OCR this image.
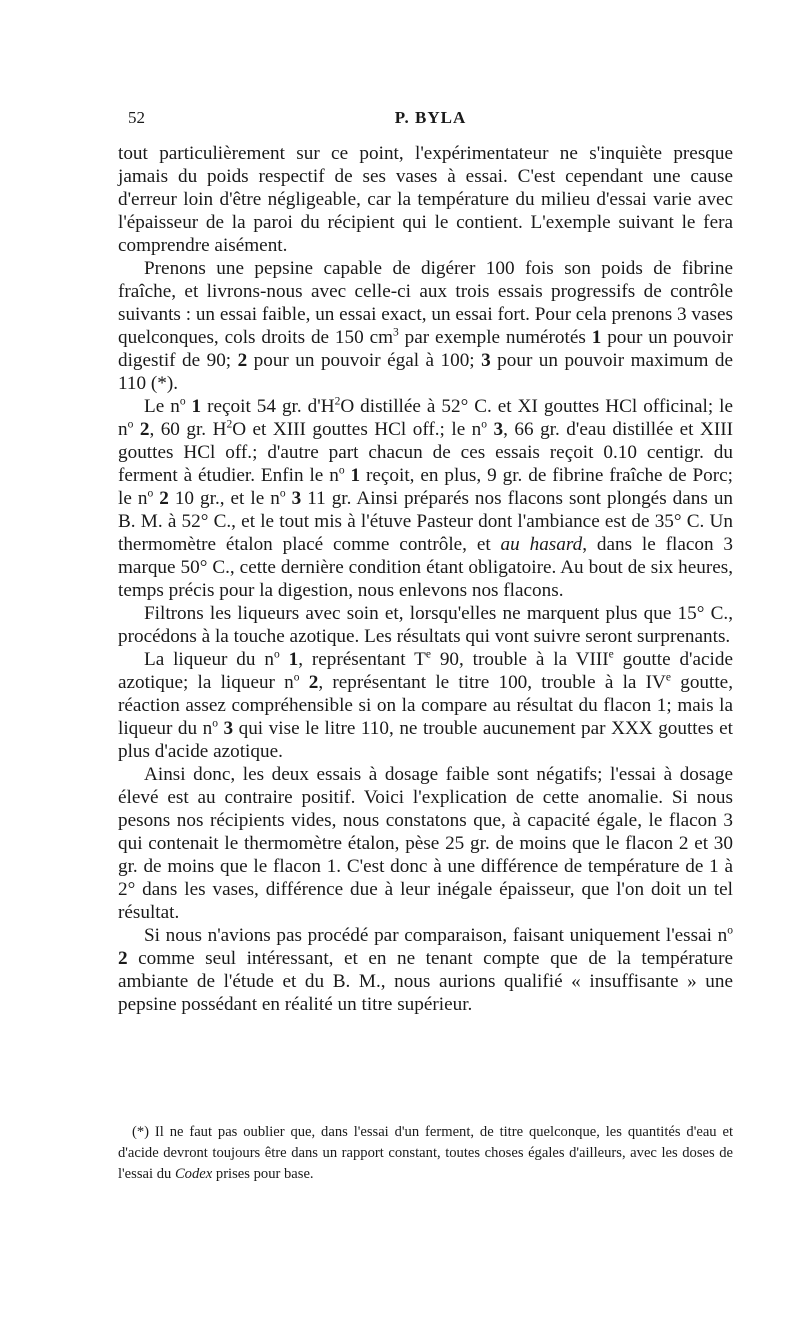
52	P. BYLA

tout particulièrement sur ce point, l'expérimentateur ne s'inquiète presque jamais du poids respectif de ses vases à essai. C'est cependant une cause d'erreur loin d'être négligeable, car la température du milieu d'essai varie avec l'épaisseur de la paroi du récipient qui le contient. L'exemple suivant le fera comprendre aisément.

Prenons une pepsine capable de digérer 100 fois son poids de fibrine fraîche, et livrons-nous avec celle-ci aux trois essais progressifs de contrôle suivants : un essai faible, un essai exact, un essai fort. Pour cela prenons 3 vases quelconques, cols droits de 150 $cm^3$ par exemple numérotés 1 pour un pouvoir digestif de 90; 2 pour un pouvoir égal à 100; 3 pour un pouvoir maximum de 110 (*).

Le $n^o$ 1 reçoit 54 gr. $d'H^2O$ distillée à 52° C. et XI gouttes HCl officinal; le $n^o$ 2, 60 gr. $H^2O$ et XIII gouttes HCl off.; le $n^o$ 3, 66 gr. d'eau distillée et XIII gouttes HCl off.; d'autre part chacun de ces essais reçoit 0.10 centigr. du ferment à étudier. Enfin le $n^o$ 1 reçoit, en plus, 9 gr. de fibrine fraîche de Porc; le $n^o$ 2 10 gr., et le $n^o$ 3 11 gr. Ainsi préparés nos flacons sont plongés dans un B. M. à 52° C., et le tout mis à l'étuve Pasteur dont l'ambiance est de 35° C. Un thermomètre étalon placé comme contrôle, et au hasard, dans le flacon 3 marque 50° C., cette dernière condition étant obligatoire. Au bout de six heures, temps précis pour la digestion, nous enlevons nos flacons.

Filtrons les liqueurs avec soin et, lorsqu'elles ne marquent plus que 15° C., procédons à la touche azotique. Les résultats qui vont suivre seront surprenants.

La liqueur du $n^o$ 1, représentant $T^e$ 90, trouble à la VIIIe goutte d'acide azotique; la liqueur $n^o$ 2, représentant le titre 100, trouble à la IVe goutte, réaction assez compréhensible si on la compare au résultat du flacon 1; mais la liqueur du $n^o$ 3 qui vise le litre 110, ne trouble aucunement par XXX gouttes et plus d'acide azotique.

Ainsi donc, les deux essais à dosage faible sont négatifs; l'essai à dosage élevé est au contraire positif. Voici l'explication de cette anomalie. Si nous pesons nos récipients vides, nous constatons que, à capacité égale, le flacon 3 qui contenait le thermomètre étalon, pèse 25 gr. de moins que le flacon 2 et 30 gr. de moins que le flacon 1. C'est donc à une différence de température de 1 à 2° dans les vases, différence due à leur inégale épaisseur, que l'on doit un tel résultat.

Si nous n'avions pas procédé par comparaison, faisant uniquement l'essai $n^o$ 2 comme seul intéressant, et en ne tenant compte que de la température ambiante de l'étude et du B. M., nous aurions qualifié « insuffisante » une pepsine possédant en réalité un titre supérieur.

(*) Il ne faut pas oublier que, dans l'essai d'un ferment, de titre quelconque, les quantités d'eau et d'acide devront toujours être dans un rapport constant, toutes choses égales d'ailleurs, avec les doses de l'essai du Codex prises pour base.
